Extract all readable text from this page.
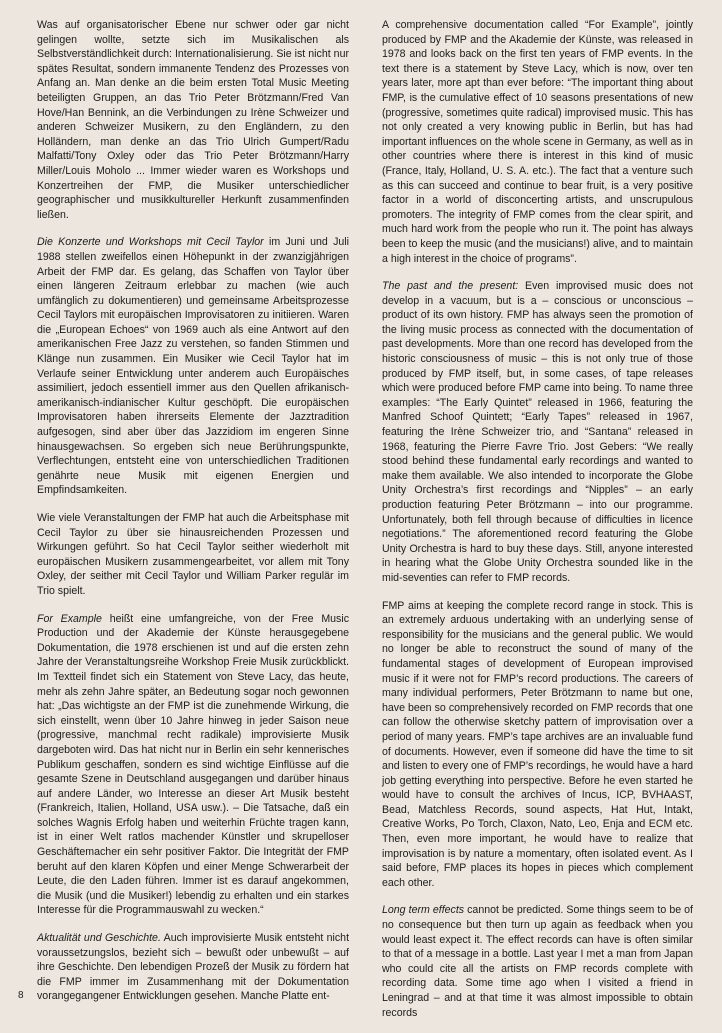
Was auf organisatorischer Ebene nur schwer oder gar nicht gelingen wollte, setzte sich im Musikalischen als Selbstverständlichkeit durch: Internationalisierung. Sie ist nicht nur spätes Resultat, sondern immanente Tendenz des Prozesses von Anfang an. Man denke an die beim ersten Total Music Meeting beteiligten Gruppen, an das Trio Peter Brötzmann/Fred Van Hove/Han Bennink, an die Verbindungen zu Irène Schweizer und anderen Schweizer Musikern, zu den Engländern, zu den Holländern, man denke an das Trio Ulrich Gumpert/Radu Malfatti/Tony Oxley oder das Trio Peter Brötzmann/Harry Miller/Louis Moholo ... Immer wieder waren es Workshops und Konzertreihen der FMP, die Musiker unterschiedlicher geographischer und musikkultureller Herkunft zusammenfinden ließen.

Die Konzerte und Workshops mit Cecil Taylor im Juni und Juli 1988 stellen zweifellos einen Höhepunkt in der zwanzigjährigen Arbeit der FMP dar. Es gelang, das Schaffen von Taylor über einen längeren Zeitraum erlebbar zu machen (wie auch umfänglich zu dokumentieren) und gemeinsame Arbeitsprozesse Cecil Taylors mit europäischen Improvisatoren zu initiieren. Waren die „European Echoes“ von 1969 auch als eine Antwort auf den amerikanischen Free Jazz zu verstehen, so fanden Stimmen und Klänge nun zusammen. Ein Musiker wie Cecil Taylor hat im Verlaufe seiner Entwicklung unter anderem auch Europäisches assimiliert, jedoch essentiell immer aus den Quellen afrikanisch-amerikanisch-indianischer Kultur geschöpft. Die europäischen Improvisatoren haben ihrerseits Elemente der Jazztradition aufgesogen, sind aber über das Jazzidiom im engeren Sinne hinausgewachsen. So ergeben sich neue Berührungspunkte, Verflechtungen, entsteht eine von unterschiedlichen Traditionen genährte neue Musik mit eigenen Energien und Empfindsamkeiten.

Wie viele Veranstaltungen der FMP hat auch die Arbeitsphase mit Cecil Taylor zu über sie hinausreichenden Prozessen und Wirkungen geführt. So hat Cecil Taylor seither wiederholt mit europäischen Musikern zusammengearbeitet, vor allem mit Tony Oxley, der seither mit Cecil Taylor und William Parker regulär im Trio spielt.

For Example heißt eine umfangreiche, von der Free Music Production und der Akademie der Künste herausgegebene Dokumentation, die 1978 erschienen ist und auf die ersten zehn Jahre der Veranstaltungsreihe Workshop Freie Musik zurückblickt. Im Textteil findet sich ein Statement von Steve Lacy, das heute, mehr als zehn Jahre später, an Bedeutung sogar noch gewonnen hat: „Das wichtigste an der FMP ist die zunehmende Wirkung, die sich einstellt, wenn über 10 Jahre hinweg in jeder Saison neue (progressive, manchmal recht radikale) improvisierte Musik dargeboten wird. Das hat nicht nur in Berlin ein sehr kennerisches Publikum geschaffen, sondern es sind wichtige Einflüsse auf die gesamte Szene in Deutschland ausgegangen und darüber hinaus auf andere Länder, wo Interesse an dieser Art Musik besteht (Frankreich, Italien, Holland, USA usw.). – Die Tatsache, daß ein solches Wagnis Erfolg haben und weiterhin Früchte tragen kann, ist in einer Welt ratlos machender Künstler und skrupelloser Geschäftemacher ein sehr positiver Faktor. Die Integrität der FMP beruht auf den klaren Köpfen und einer Menge Schwerarbeit der Leute, die den Laden führen. Immer ist es darauf angekommen, die Musik (und die Musiker!) lebendig zu erhalten und ein starkes Interesse für die Programmauswahl zu wecken.“

Aktualität und Geschichte. Auch improvisierte Musik entsteht nicht voraussetzungslos, bezieht sich – bewußt oder unbewußt – auf ihre Geschichte. Den lebendigen Prozeß der Musik zu fördern hat die FMP immer im Zusammenhang mit der Dokumentation vorangegangener Entwicklungen gesehen. Manche Platte ent-

A comprehensive documentation called “For Example”, jointly produced by FMP and the Akademie der Künste, was released in 1978 and looks back on the first ten years of FMP events. In the text there is a statement by Steve Lacy, which is now, over ten years later, more apt than ever before: “The important thing about FMP, is the cumulative effect of 10 seasons presentations of new (progressive, sometimes quite radical) improvised music. This has not only created a very knowing public in Berlin, but has had important influences on the whole scene in Germany, as well as in other countries where there is interest in this kind of music (France, Italy, Holland, U. S. A. etc.). The fact that a venture such as this can succeed and continue to bear fruit, is a very positive factor in a world of disconcerting artists, and unscrupulous promoters. The integrity of FMP comes from the clear spirit, and much hard work from the people who run it. The point has always been to keep the music (and the musicians!) alive, and to maintain a high interest in the choice of programs”.

The past and the present: Even improvised music does not develop in a vacuum, but is a – conscious or unconscious – product of its own history. FMP has always seen the promotion of the living music process as connected with the documentation of past developments. More than one record has developed from the historic consciousness of music – this is not only true of those produced by FMP itself, but, in some cases, of tape releases which were produced before FMP came into being. To name three examples: “The Early Quintet” released in 1966, featuring the Manfred Schoof Quintett; “Early Tapes” released in 1967, featuring the Irène Schweizer trio, and “Santana” released in 1968, featuring the Pierre Favre Trio. Jost Gebers: “We really stood behind these fundamental early recordings and wanted to make them available. We also intended to incorporate the Globe Unity Orchestra’s first recordings and “Nipples” – an early production featuring Peter Brötzmann – into our programme. Unfortunately, both fell through because of difficulties in licence negotiations.” The aforementioned record featuring the Globe Unity Orchestra is hard to buy these days. Still, anyone interested in hearing what the Globe Unity Orchestra sounded like in the mid-seventies can refer to FMP records.

FMP aims at keeping the complete record range in stock. This is an extremely arduous undertaking with an underlying sense of responsibility for the musicians and the general public. We would no longer be able to reconstruct the sound of many of the fundamental stages of development of European improvised music if it were not for FMP’s record productions. The careers of many individual performers, Peter Brötzmann to name but one, have been so comprehensively recorded on FMP records that one can follow the otherwise sketchy pattern of improvisation over a period of many years. FMP’s tape archives are an invaluable fund of documents. However, even if someone did have the time to sit and listen to every one of FMP’s recordings, he would have a hard job getting everything into perspective. Before he even started he would have to consult the archives of Incus, ICP, BVHAAST, Bead, Matchless Records, sound aspects, Hat Hut, Intakt, Creative Works, Po Torch, Claxon, Nato, Leo, Enja and ECM etc. Then, even more important, he would have to realize that improvisation is by nature a momentary, often isolated event. As I said before, FMP places its hopes in pieces which complement each other.

Long term effects cannot be predicted. Some things seem to be of no consequence but then turn up again as feedback when you would least expect it. The effect records can have is often similar to that of a message in a bottle. Last year I met a man from Japan who could cite all the artists on FMP records complete with recording data. Some time ago when I visited a friend in Leningrad – and at that time it was almost impossible to obtain records

8
